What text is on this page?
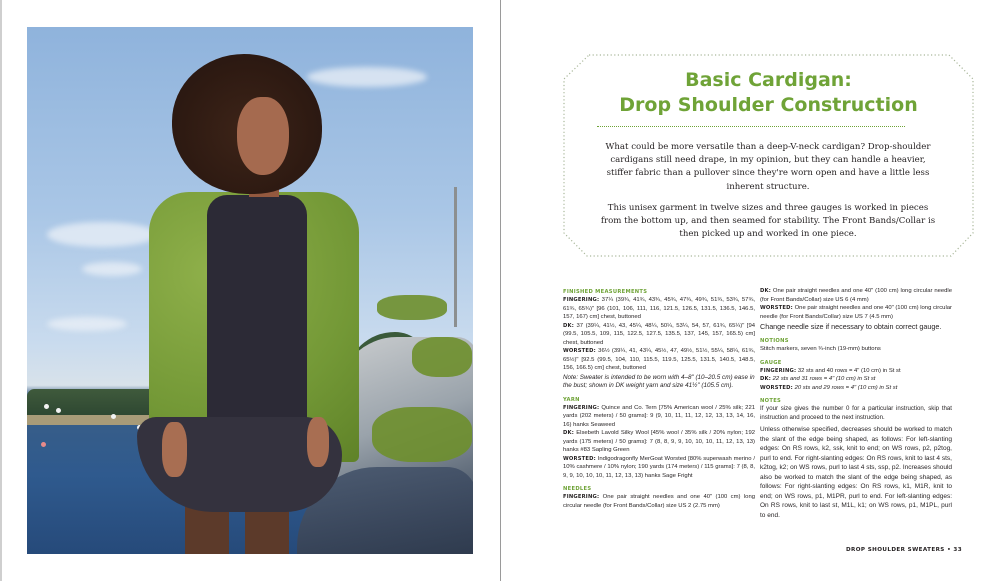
Basic Cardigan:
Drop Shoulder Construction

What could be more versatile than a deep-V-neck cardigan? Drop-shoulder cardigans still need drape, in my opinion, but they can handle a heavier, stiffer fabric than a pullover since they're worn open and have a little less inherent structure.

This unisex garment in twelve sizes and three gauges is worked in pieces from the bottom up, and then seamed for stability. The Front Bands/Collar is then picked up and worked in one piece.

FINISHED MEASUREMENTS
FINGERING: 37¼ (39¾, 41¾, 43¾, 45¾, 47¾, 49¾, 51¾, 53¾, 57¾, 61¾, 65¾)" [96 (101, 106, 111, 116, 121.5, 126.5, 131.5, 136.5, 146.5, 157, 167) cm] chest, buttoned
DK: 37 (39¼, 41½, 43, 45¼, 48¼, 50¼, 53¼, 54, 57, 61¾, 65¼)" [94 (99.5, 105.5, 109, 115, 122.5, 127.5, 135.5, 137, 145, 157, 165.5) cm] chest, buttoned
WORSTED: 36½ (39¼, 41, 43¼, 45½, 47, 49½, 51½, 55¼, 58¼, 61¾, 65½)" [92.5 (99.5, 104, 110, 115.5, 119.5, 125.5, 131.5, 140.5, 148.5, 156, 166.5) cm] chest, buttoned
Note: Sweater is intended to be worn with 4–8" (10–20.5 cm) ease in the bust; shown in DK weight yarn and size 41½" (105.5 cm).
YARN
FINGERING: Quince and Co. Tern [75% American wool / 25% silk; 221 yards (202 meters) / 50 grams]: 9 (9, 10, 11, 11, 12, 12, 13, 13, 14, 16, 16) hanks Seaweed
DK: Elsebeth Lavold Silky Wool [45% wool / 35% silk / 20% nylon; 192 yards (175 meters) / 50 grams]: 7 (8, 8, 9, 9, 10, 10, 10, 11, 12, 13, 13) hanks #83 Sapling Green
WORSTED: Indigodragonfly MerGoat Worsted [80% superwash merino / 10% cashmere / 10% nylon; 190 yards (174 meters) / 115 grams]: 7 (8, 8, 9, 9, 10, 10, 10, 11, 12, 13, 13) hanks Sage Fright
NEEDLES
FINGERING: One pair straight needles and one 40" (100 cm) long circular needle (for Front Bands/Collar) size US 2 (2.75 mm)
DK: One pair straight needles and one 40" (100 cm) long circular needle (for Front Bands/Collar) size US 6 (4 mm)
WORSTED: One pair straight needles and one 40" (100 cm) long circular needle (for Front Bands/Collar) size US 7 (4.5 mm)
Change needle size if necessary to obtain correct gauge.
NOTIONS
Stitch markers, seven ¾-inch (19-mm) buttons
GAUGE
FINGERING: 32 sts and 40 rows = 4" (10 cm) in St st
DK: 22 sts and 31 rows = 4" (10 cm) in St st
WORSTED: 20 sts and 29 rows = 4" (10 cm) in St st
NOTES
If your size gives the number 0 for a particular instruction, skip that instruction and proceed to the next instruction.
Unless otherwise specified, decreases should be worked to match the slant of the edge being shaped, as follows: For left-slanting edges: On RS rows, k2, ssk, knit to end; on WS rows, p2, p2tog, purl to end. For right-slanting edges: On RS rows, knit to last 4 sts, k2tog, k2; on WS rows, purl to last 4 sts, ssp, p2. Increases should also be worked to match the slant of the edge being shaped, as follows: For right-slanting edges: On RS rows, k1, M1R, knit to end; on WS rows, p1, M1PR, purl to end. For left-slanting edges: On RS rows, knit to last st, M1L, k1; on WS rows, p1, M1PL, purl to end.
DROP SHOULDER SWEATERS • 33
